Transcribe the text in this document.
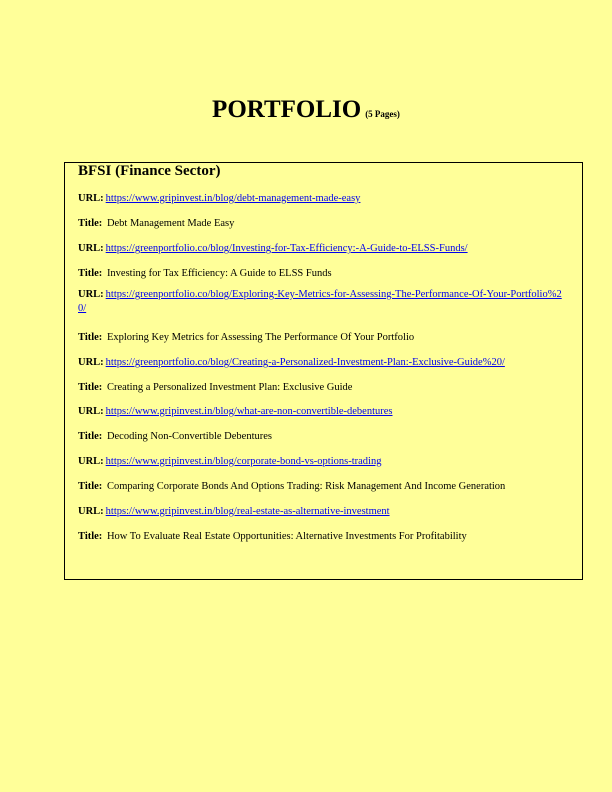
PORTFOLIO (5 Pages)
BFSI (Finance Sector)
URL: https://www.gripinvest.in/blog/debt-management-made-easy
Title: Debt Management Made Easy
URL: https://greenportfolio.co/blog/Investing-for-Tax-Efficiency:-A-Guide-to-ELSS-Funds/
Title: Investing for Tax Efficiency: A Guide to ELSS Funds
URL: https://greenportfolio.co/blog/Exploring-Key-Metrics-for-Assessing-The-Performance-Of-Your-Portfolio%20/
Title: Exploring Key Metrics for Assessing The Performance Of Your Portfolio
URL: https://greenportfolio.co/blog/Creating-a-Personalized-Investment-Plan:-Exclusive-Guide%20/
Title: Creating a Personalized Investment Plan: Exclusive Guide
URL: https://www.gripinvest.in/blog/what-are-non-convertible-debentures
Title: Decoding Non-Convertible Debentures
URL: https://www.gripinvest.in/blog/corporate-bond-vs-options-trading
Title: Comparing Corporate Bonds And Options Trading: Risk Management And Income Generation
URL: https://www.gripinvest.in/blog/real-estate-as-alternative-investment
Title: How To Evaluate Real Estate Opportunities: Alternative Investments For Profitability
